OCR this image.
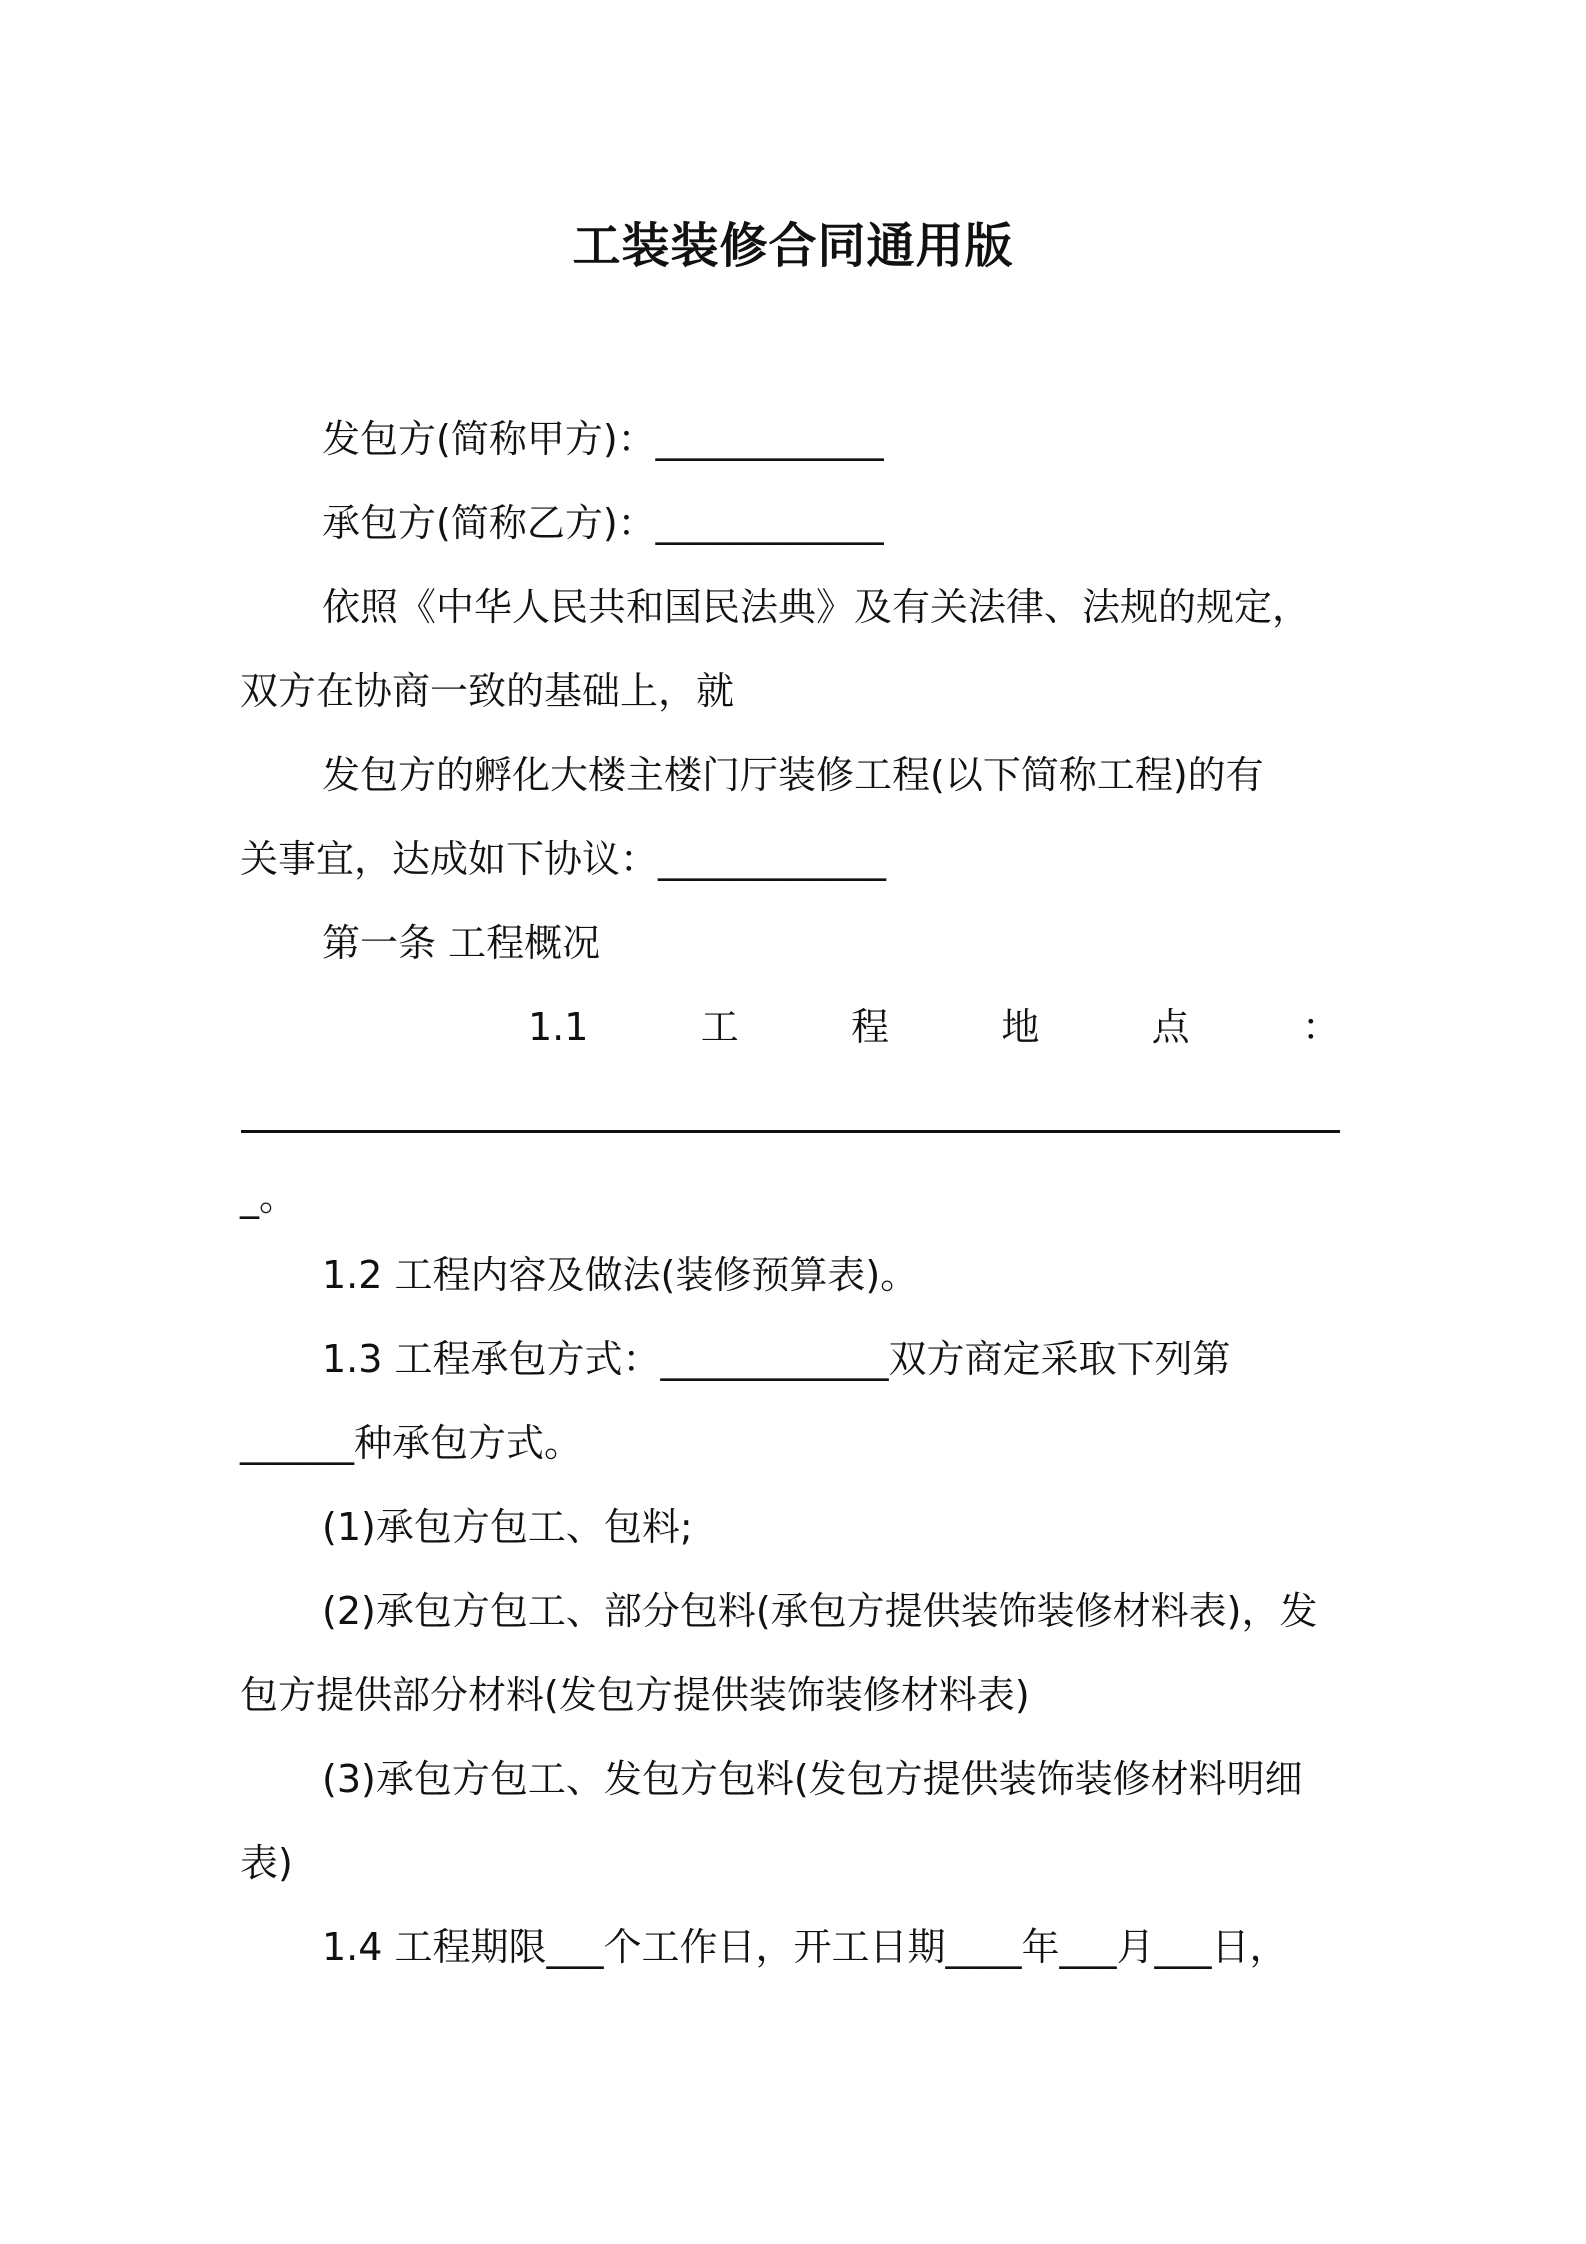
工装装修合同通用版
发包方(简称甲方)：____________
承包方(简称乙方)：____________
依照《中华人民共和国民法典》及有关法律、法规的规定，
双方在协商一致的基础上，就
发包方的孵化大楼主楼门厅装修工程(以下简称工程)的有
关事宜，达成如下协议：____________
第一条 工程概况
1.1	工	程	地	点	：
_。
1.2 工程内容及做法(装修预算表)。
1.3 工程承包方式：____________双方商定采取下列第
______种承包方式。
(1)承包方包工、包料;
(2)承包方包工、部分包料(承包方提供装饰装修材料表)，发
包方提供部分材料(发包方提供装饰装修材料表)
(3)承包方包工、发包方包料(发包方提供装饰装修材料明细
表)
1.4 工程期限___个工作日，开工日期____年___月___日，
